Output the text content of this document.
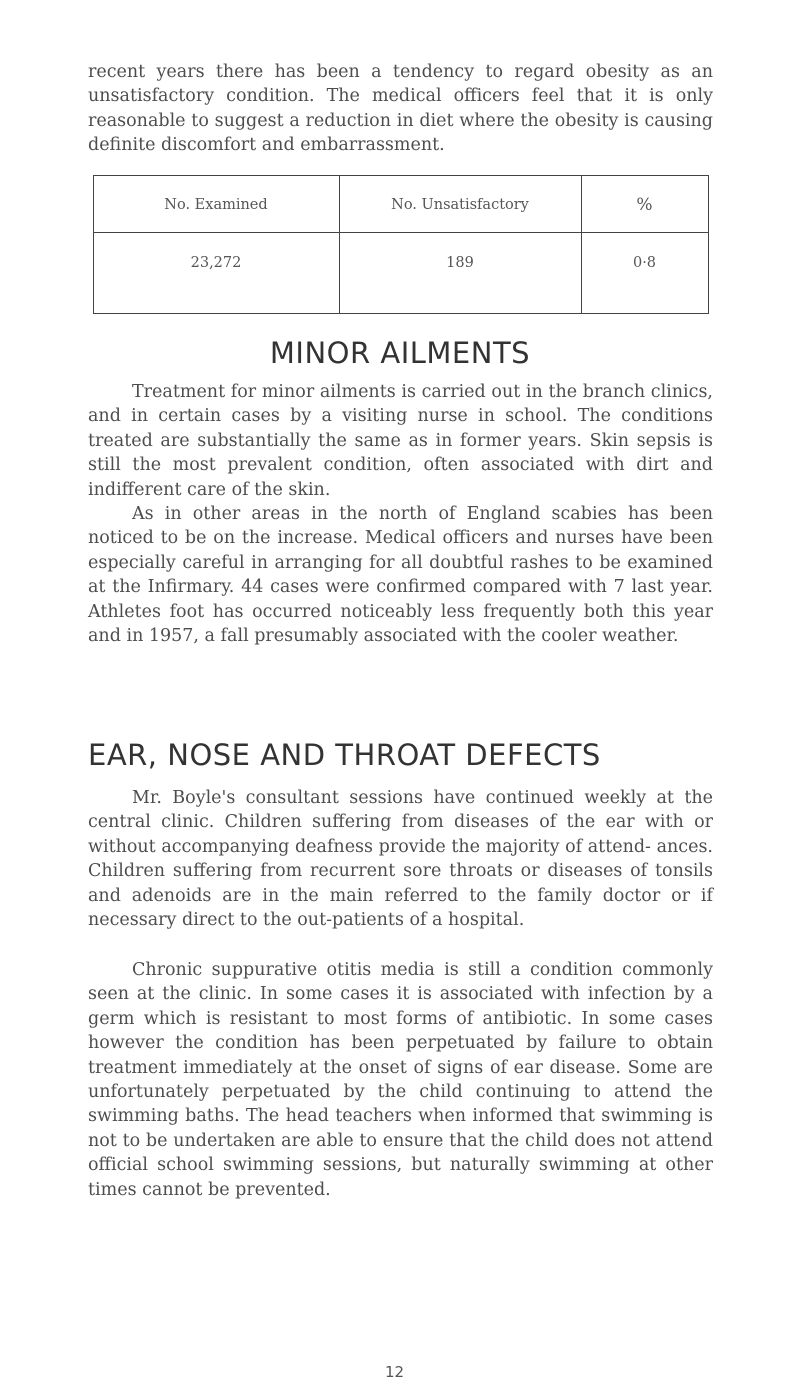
recent years there has been a tendency to regard obesity as an unsatisfactory condition. The medical officers feel that it is only reasonable to suggest a reduction in diet where the obesity is causing definite discomfort and embarrassment.

No. Examined	No. Unsatisfactory	%
23,272	189	0·8
MINOR AILMENTS

Treatment for minor ailments is carried out in the branch clinics, and in certain cases by a visiting nurse in school. The conditions treated are substantially the same as in former years. Skin sepsis is still the most prevalent condition, often associated with dirt and indifferent care of the skin.

As in other areas in the north of England scabies has been noticed to be on the increase. Medical officers and nurses have been especially careful in arranging for all doubtful rashes to be examined at the Infirmary. 44 cases were confirmed compared with 7 last year. Athletes foot has occurred noticeably less frequently both this year and in 1957, a fall presumably associated with the cooler weather.

EAR, NOSE AND THROAT DEFECTS

Mr. Boyle's consultant sessions have continued weekly at the central clinic. Children suffering from diseases of the ear with or without accompanying deafness provide the majority of attend- ances. Children suffering from recurrent sore throats or diseases of tonsils and adenoids are in the main referred to the family doctor or if necessary direct to the out-patients of a hospital.

Chronic suppurative otitis media is still a condition commonly seen at the clinic. In some cases it is associated with infection by a germ which is resistant to most forms of antibiotic. In some cases however the condition has been perpetuated by failure to obtain treatment immediately at the onset of signs of ear disease. Some are unfortunately perpetuated by the child continuing to attend the swimming baths. The head teachers when informed that swimming is not to be undertaken are able to ensure that the child does not attend official school swimming sessions, but naturally swimming at other times cannot be prevented.

12
